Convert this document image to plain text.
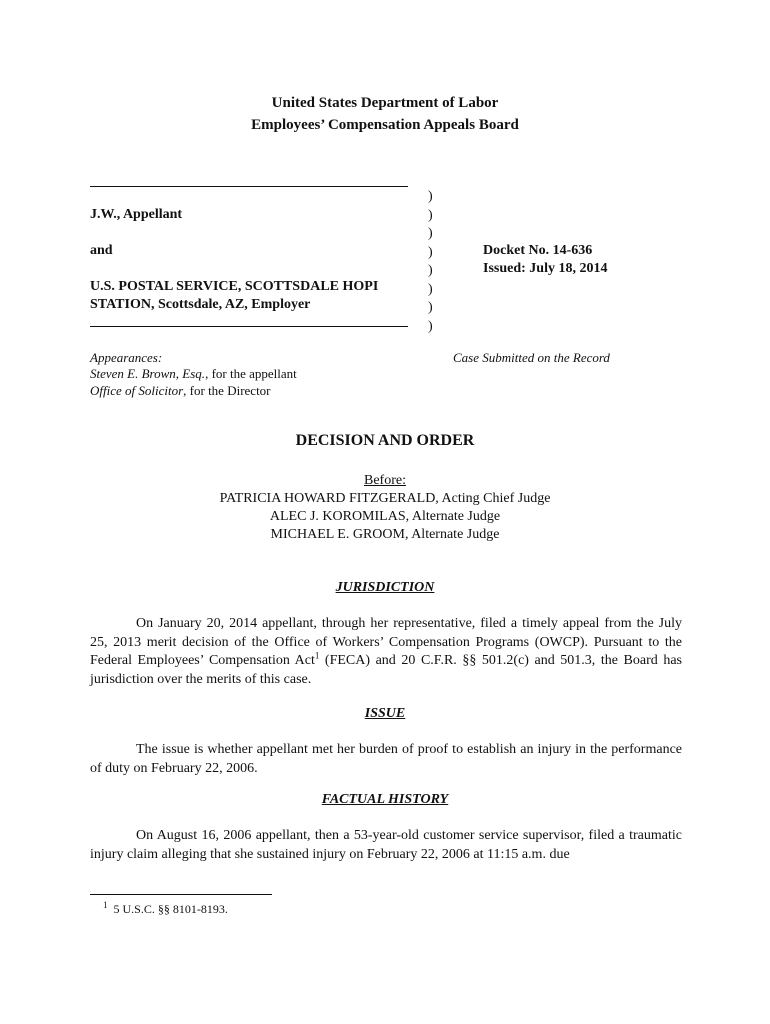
United States Department of Labor
Employees’ Compensation Appeals Board
J.W., Appellant
and
U.S. POSTAL SERVICE, SCOTTSDALE HOPI
STATION, Scottsdale, AZ, Employer
)
)
)
)
)
)
)
)
Docket No. 14-636
Issued: July 18, 2014
Appearances:
Steven E. Brown, Esq., for the appellant
Office of Solicitor, for the Director
Case Submitted on the Record
DECISION AND ORDER
Before:
PATRICIA HOWARD FITZGERALD, Acting Chief Judge
ALEC J. KOROMILAS, Alternate Judge
MICHAEL E. GROOM, Alternate Judge
JURISDICTION
On January 20, 2014 appellant, through her representative, filed a timely appeal from the July 25, 2013 merit decision of the Office of Workers’ Compensation Programs (OWCP). Pursuant to the Federal Employees’ Compensation Act$^1$ (FECA) and 20 C.F.R. §§ 501.2(c) and 501.3, the Board has jurisdiction over the merits of this case.
ISSUE
The issue is whether appellant met her burden of proof to establish an injury in the performance of duty on February 22, 2006.
FACTUAL HISTORY
On August 16, 2006 appellant, then a 53-year-old customer service supervisor, filed a traumatic injury claim alleging that she sustained injury on February 22, 2006 at 11:15 a.m. due
$^1$ 5 U.S.C. §§ 8101-8193.
